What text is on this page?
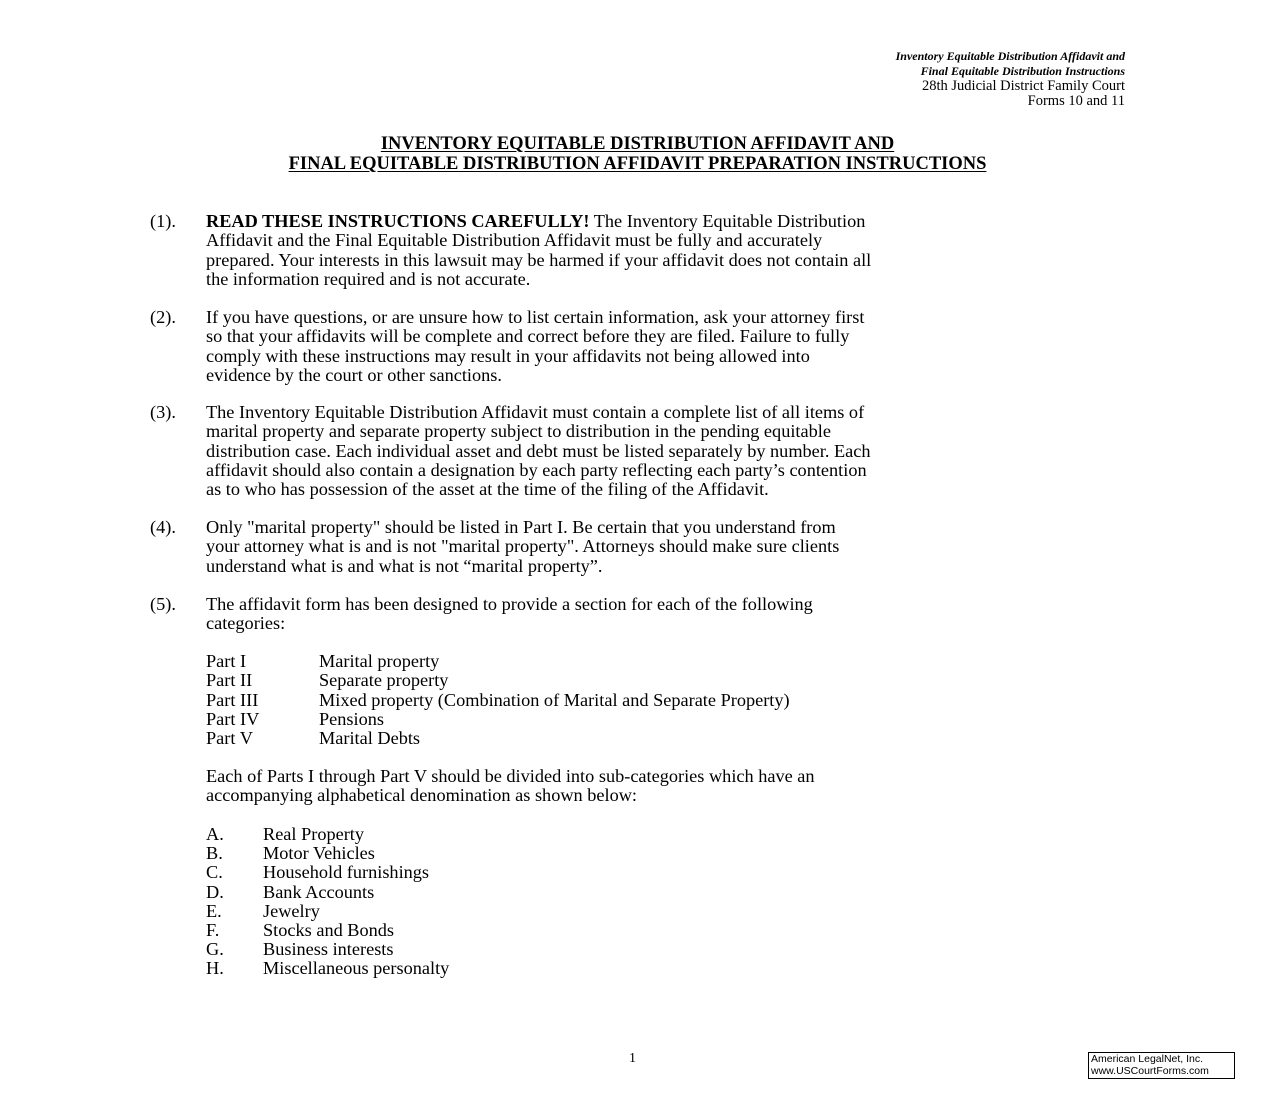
Inventory Equitable Distribution Affidavit and
Final Equitable Distribution Instructions
28th Judicial District Family Court
Forms 10 and 11
INVENTORY EQUITABLE DISTRIBUTION AFFIDAVIT AND
FINAL EQUITABLE DISTRIBUTION AFFIDAVIT PREPARATION INSTRUCTIONS
(1).	READ THESE INSTRUCTIONS CAREFULLY! The Inventory Equitable Distribution
Affidavit and the Final Equitable Distribution Affidavit must be fully and accurately
prepared. Your interests in this lawsuit may be harmed if your affidavit does not contain all
the information required and is not accurate.
(2).	If you have questions, or are unsure how to list certain information, ask your attorney first
so that your affidavits will be complete and correct before they are filed. Failure to fully
comply with these instructions may result in your affidavits not being allowed into
evidence by the court or other sanctions.
(3).	The Inventory Equitable Distribution Affidavit must contain a complete list of all items of
marital property and separate property subject to distribution in the pending equitable
distribution case. Each individual asset and debt must be listed separately by number. Each
affidavit should also contain a designation by each party reflecting each party’s contention
as to who has possession of the asset at the time of the filing of the Affidavit.
(4).	Only "marital property" should be listed in Part I. Be certain that you understand from
your attorney what is and is not "marital property". Attorneys should make sure clients
understand what is and what is not “marital property”.
(5).	The affidavit form has been designed to provide a section for each of the following
categories:
Part I	Marital property
Part II	Separate property
Part III	Mixed property (Combination of Marital and Separate Property)
Part IV	Pensions
Part V	Marital Debts
Each of Parts I through Part V should be divided into sub-categories which have an
accompanying alphabetical denomination as shown below:
A. Real Property
B. Motor Vehicles
C. Household furnishings
D. Bank Accounts
E. Jewelry
F. Stocks and Bonds
G. Business interests
H. Miscellaneous personalty
1	American LegalNet, Inc.
www.USCourtForms.com
